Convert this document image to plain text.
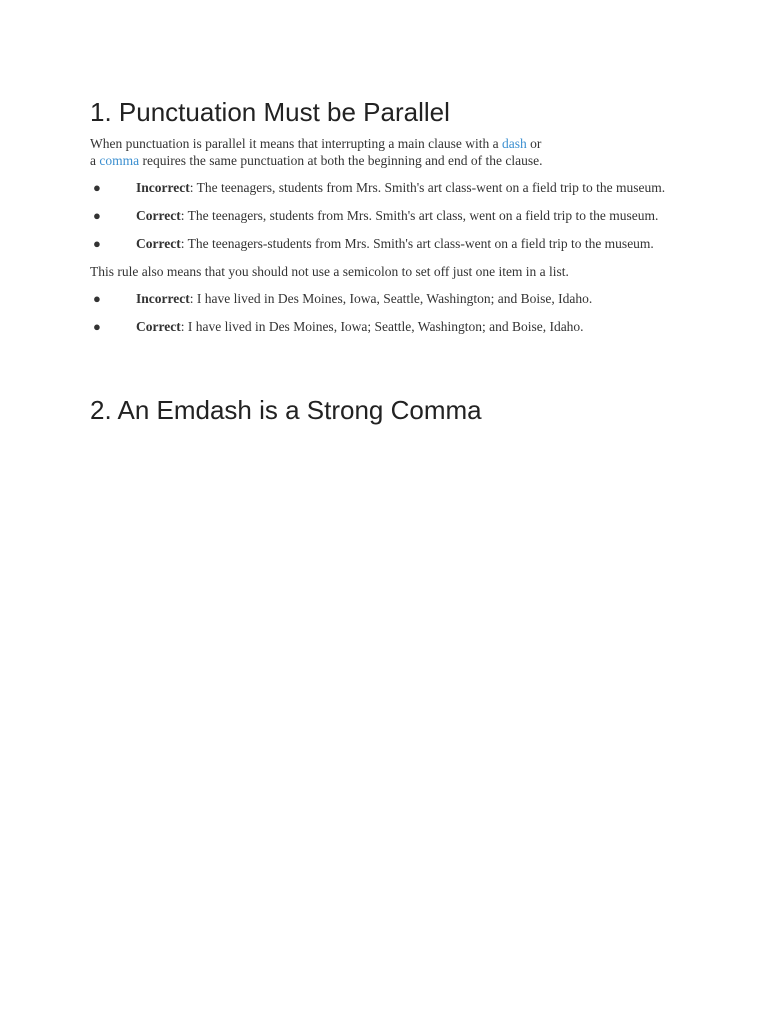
1. Punctuation Must be Parallel

When punctuation is parallel it means that interrupting a main clause with a dash or
a comma requires the same punctuation at both the beginning and end of the clause.

●	Incorrect: The teenagers, students from Mrs. Smith's art class-went on a field trip to the museum.
●	Correct: The teenagers, students from Mrs. Smith's art class, went on a field trip to the museum.
●	Correct: The teenagers-students from Mrs. Smith's art class-went on a field trip to the museum.

This rule also means that you should not use a semicolon to set off just one item in a list.

●	Incorrect: I have lived in Des Moines, Iowa, Seattle, Washington; and Boise, Idaho.
●	Correct: I have lived in Des Moines, Iowa; Seattle, Washington; and Boise, Idaho.
2. An Emdash is a Strong Comma
